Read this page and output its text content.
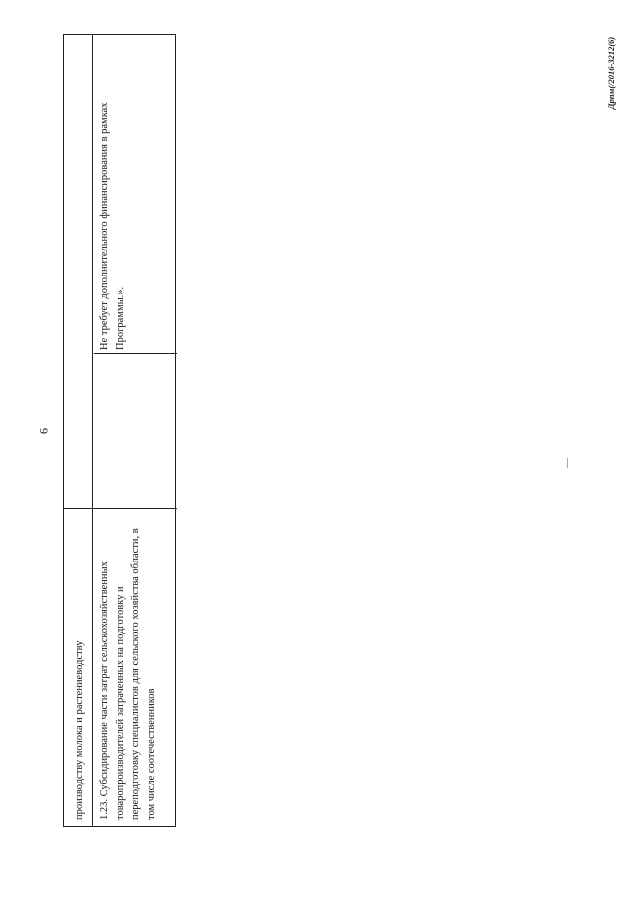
9
Дрпм(/2016-3212(6)
производству молока и растениеводству 1.23. Субсидирование части затрат сельскохозяйственных товаропроизводителей затраченных на подготовку и переподготовку специалистов для сельского хозяйства области, в том числе соотечественников
Не требует дополнительного финансирования в рамках Программы.».
